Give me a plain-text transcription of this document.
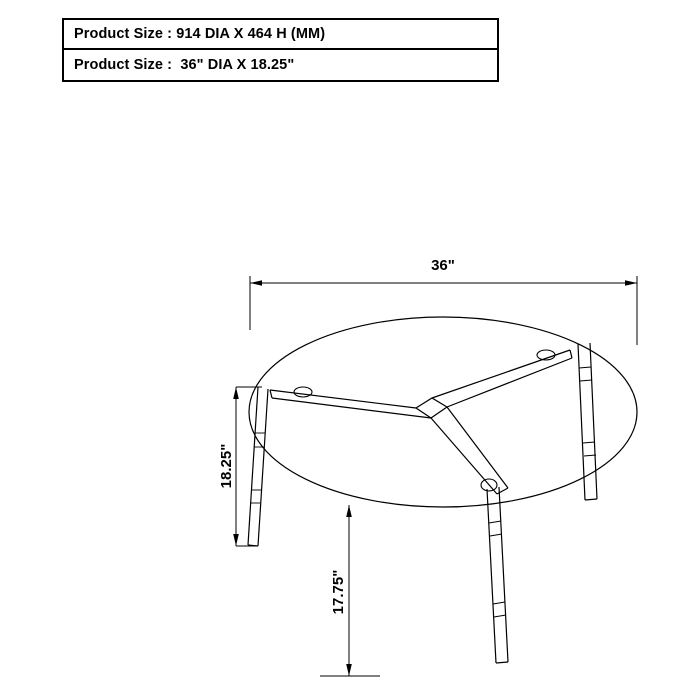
Product Size : 914 DIA X 464 H (MM)
Product Size : 36" DIA X 18.25"
36"
18.25"
17.75"
